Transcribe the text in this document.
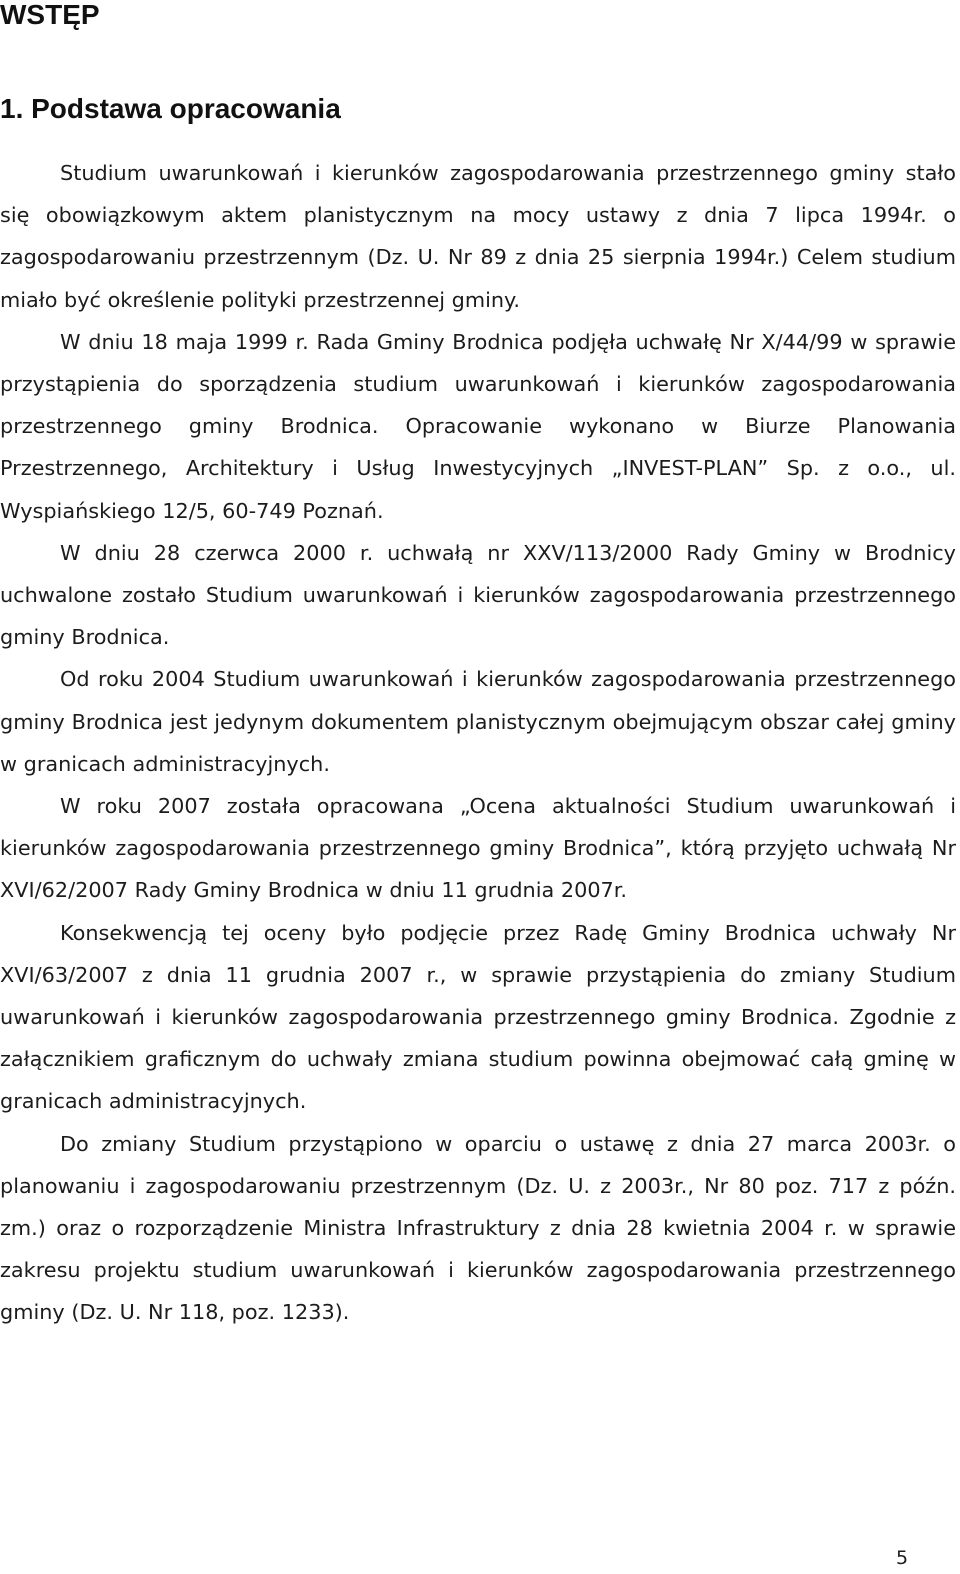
WSTĘP
1. Podstawa opracowania

Studium uwarunkowań i kierunków zagospodarowania przestrzennego gminy stało się obowiązkowym aktem planistycznym na mocy ustawy z dnia 7 lipca 1994r. o zagospodarowaniu przestrzennym (Dz. U. Nr 89 z dnia 25 sierpnia 1994r.) Celem studium miało być określenie polityki przestrzennej gminy.

W dniu 18 maja 1999 r. Rada Gminy Brodnica podjęła uchwałę Nr X/44/99 w sprawie przystąpienia do sporządzenia studium uwarunkowań i kierunków zagospodarowania przestrzennego gminy Brodnica. Opracowanie wykonano w Biurze Planowania Przestrzennego, Architektury i Usług Inwestycyjnych „INVEST-PLAN” Sp. z o.o., ul. Wyspiańskiego 12/5, 60-749 Poznań.

W dniu 28 czerwca 2000 r. uchwałą nr XXV/113/2000 Rady Gminy w Brodnicy uchwalone zostało Studium uwarunkowań i kierunków zagospodarowania przestrzennego gminy Brodnica.

Od roku 2004 Studium uwarunkowań i kierunków zagospodarowania przestrzennego gminy Brodnica jest jedynym dokumentem planistycznym obejmującym obszar całej gminy w granicach administracyjnych.

W roku 2007 została opracowana „Ocena aktualności Studium uwarunkowań i kierunków zagospodarowania przestrzennego gminy Brodnica”, którą przyjęto uchwałą Nr XVI/62/2007 Rady Gminy Brodnica w dniu 11 grudnia 2007r.

Konsekwencją tej oceny było podjęcie przez Radę Gminy Brodnica uchwały Nr XVI/63/2007 z dnia 11 grudnia 2007 r., w sprawie przystąpienia do zmiany Studium uwarunkowań i kierunków zagospodarowania przestrzennego gminy Brodnica. Zgodnie z załącznikiem graficznym do uchwały zmiana studium powinna obejmować całą gminę w granicach administracyjnych.

Do zmiany Studium przystąpiono w oparciu o ustawę z dnia 27 marca 2003r. o planowaniu i zagospodarowaniu przestrzennym (Dz. U. z 2003r., Nr 80 poz. 717 z późn. zm.) oraz o rozporządzenie Ministra Infrastruktury z dnia 28 kwietnia 2004 r. w sprawie zakresu projektu studium uwarunkowań i kierunków zagospodarowania przestrzennego gminy (Dz. U. Nr 118, poz. 1233).

5
